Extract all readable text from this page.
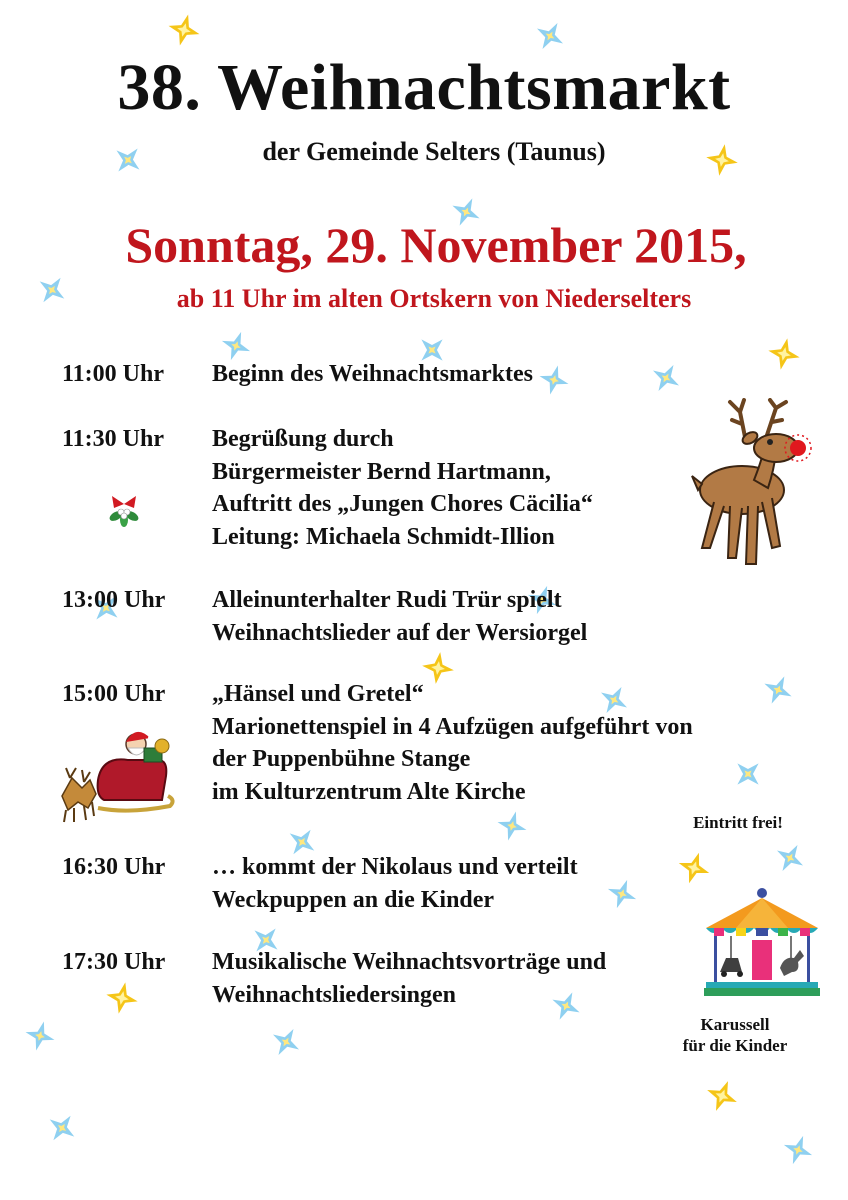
38. Weihnachtsmarkt
der Gemeinde Selters (Taunus)
Sonntag, 29. November 2015,
ab 11 Uhr im alten Ortskern von Niederselters
11:00 Uhr Beginn des Weihnachtsmarktes
11:30 Uhr Begrüßung durch
Bürgermeister Bernd Hartmann,
Auftritt des „Jungen Chores Cäcilia“
Leitung: Michaela Schmidt-Illion
13:00 Uhr Alleinunterhalter Rudi Trür spielt
Weihnachtslieder auf der Wersiorgel
15:00 Uhr „Hänsel und Gretel“
Marionettenspiel in 4 Aufzügen aufgeführt von
der Puppenbühne Stange
im Kulturzentrum Alte Kirche
16:30 Uhr … kommt der Nikolaus und verteilt
Weckpuppen an die Kinder
17:30 Uhr Musikalische Weihnachtsvorträge und
Weihnachtsliedersingen
Eintritt frei!
Karussell
für die Kinder
